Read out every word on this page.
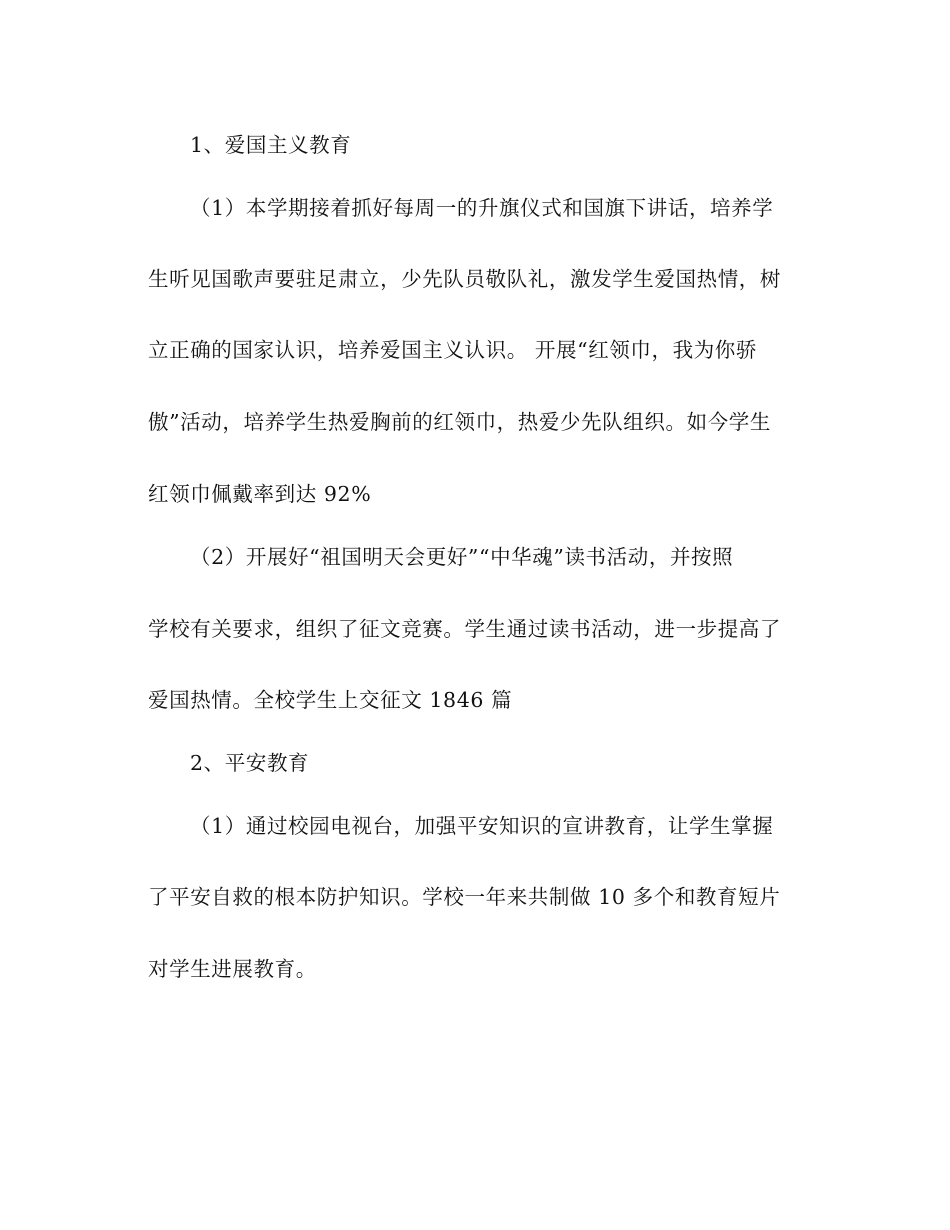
1、爱国主义教育
（1）本学期接着抓好每周一的升旗仪式和国旗下讲话，培养学
生听见国歌声要驻足肃立，少先队员敬队礼，激发学生爱国热情，树
立正确的国家认识，培养爱国主义认识。 开展“红领巾，我为你骄
傲”活动，培养学生热爱胸前的红领巾，热爱少先队组织。如今学生
红领巾佩戴率到达 92%
（2）开展好“祖国明天会更好”“中华魂”读书活动，并按照
学校有关要求，组织了征文竞赛。学生通过读书活动，进一步提高了
爱国热情。全校学生上交征文 1846 篇
2、平安教育
（1）通过校园电视台，加强平安知识的宣讲教育，让学生掌握
了平安自救的根本防护知识。学校一年来共制做 10 多个和教育短片
对学生进展教育。
